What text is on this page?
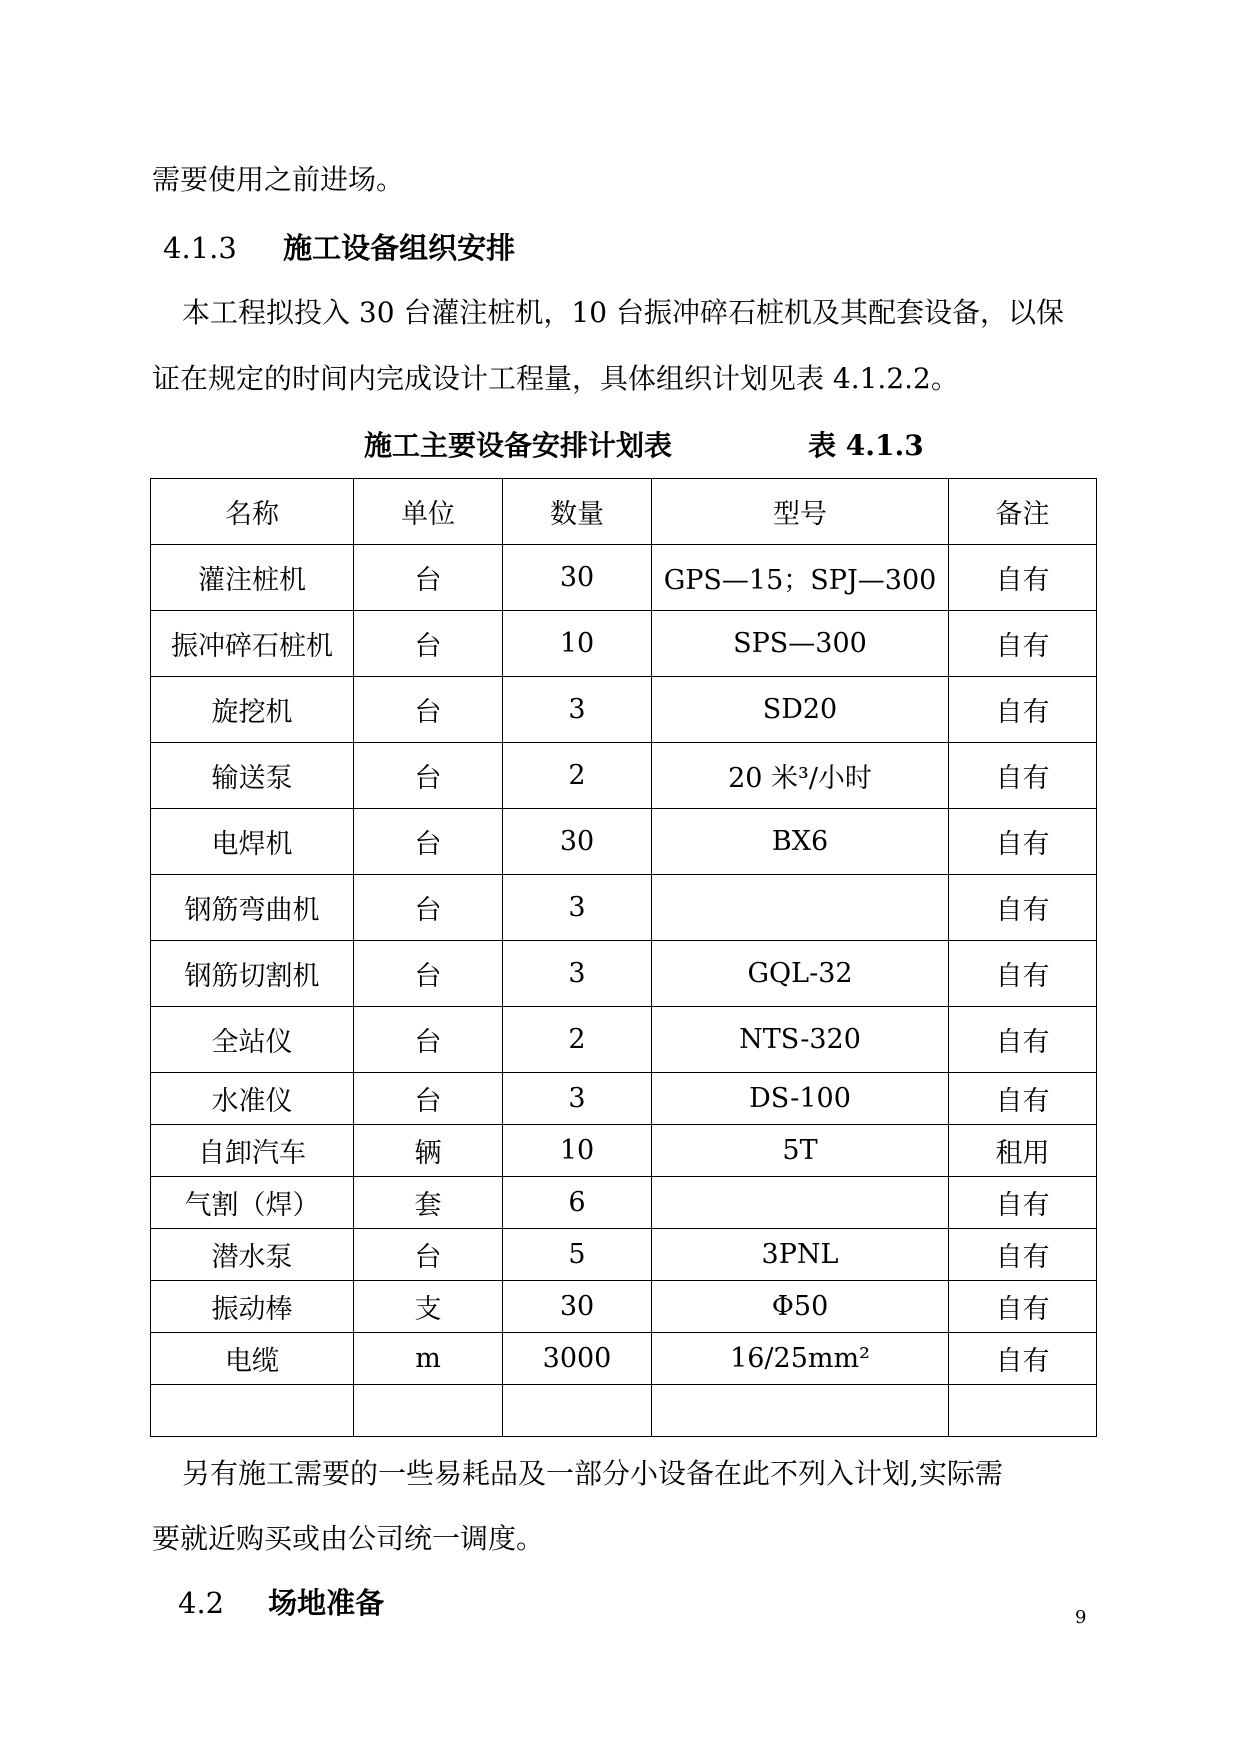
需要使用之前进场。
4.1.3 施工设备组织安排
本工程拟投入 30 台灌注桩机，10 台振冲碎石桩机及其配套设备，以保
证在规定的时间内完成设计工程量，具体组织计划见表 4.1.2.2。
施工主要设备安排计划表	表 4.1.3
名称	单位	数量	型号	备注
灌注桩机	台	30	GPS—15；SPJ—300	自有
振冲碎石桩机	台	10	SPS—300	自有
旋挖机	台	3	SD20	自有
输送泵	台	2	20 米³/小时	自有
电焊机	台	30	BX6	自有
钢筋弯曲机	台	3		自有
钢筋切割机	台	3	GQL-32	自有
全站仪	台	2	NTS-320	自有
水准仪	台	3	DS-100	自有
自卸汽车	辆	10	5T	租用
气割（焊）	套	6		自有
潜水泵	台	5	3PNL	自有
振动棒	支	30	Φ50	自有
电缆	m	3000	16/25mm²	自有

另有施工需要的一些易耗品及一部分小设备在此不列入计划,实际需
要就近购买或由公司统一调度。
4.2 场地准备	9
